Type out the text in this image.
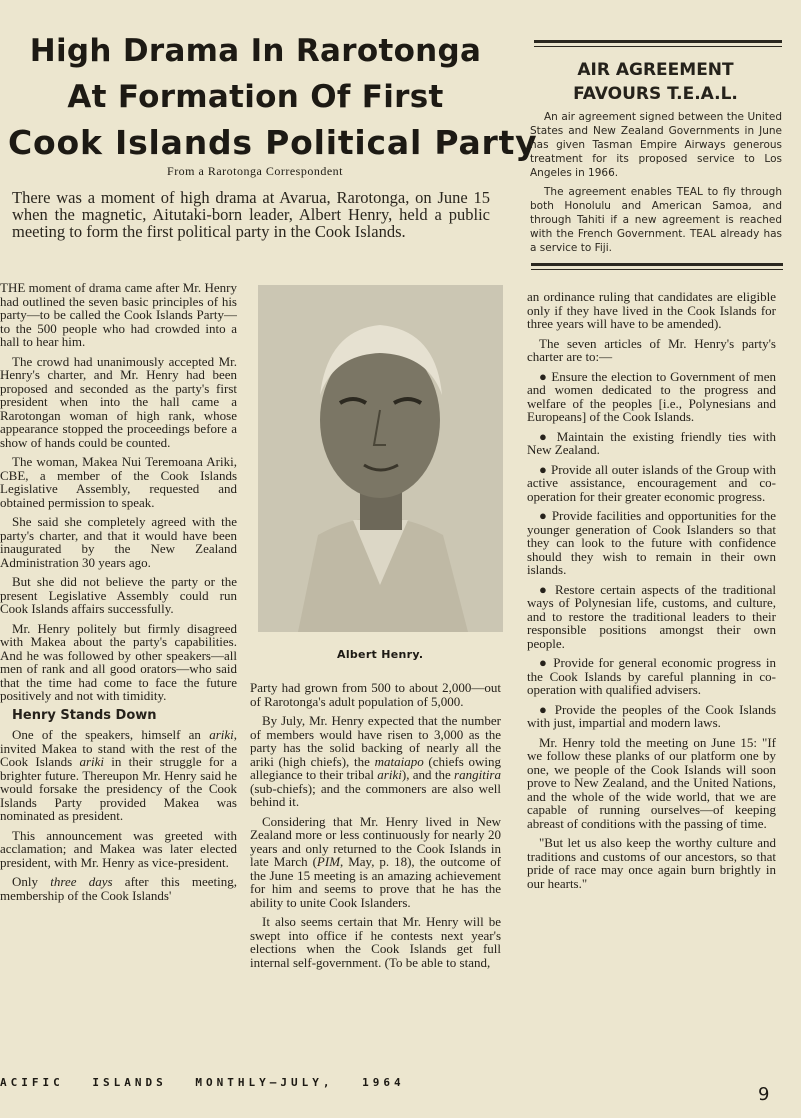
High Drama In Rarotonga
At Formation Of First
Cook Islands Political Party
From a Rarotonga Correspondent
There was a moment of high drama at Avarua, Rarotonga, on June 15 when the magnetic, Aitutaki-born leader, Albert Henry, held a public meeting to form the first political party in the Cook Islands.

THE moment of drama came after Mr. Henry had outlined the seven basic principles of his party—to be called the Cook Islands Party—to the 500 people who had crowded into a hall to hear him.

The crowd had unanimously accepted Mr. Henry's charter, and Mr. Henry had been proposed and seconded as the party's first president when into the hall came a Rarotongan woman of high rank, whose appearance stopped the proceedings before a show of hands could be counted.

The woman, Makea Nui Teremoana Ariki, CBE, a member of the Cook Islands Legislative Assembly, requested and obtained permission to speak.

She said she completely agreed with the party's charter, and that it would have been inaugurated by the New Zealand Administration 30 years ago.

But she did not believe the party or the present Legislative Assembly could run Cook Islands affairs successfully.

Mr. Henry politely but firmly disagreed with Makea about the party's capabilities. And he was followed by other speakers—all men of rank and all good orators—who said that the time had come to face the future positively and not with timidity.

Henry Stands Down

One of the speakers, himself an ariki, invited Makea to stand with the rest of the Cook Islands ariki in their struggle for a brighter future. Thereupon Mr. Henry said he would forsake the presidency of the Cook Islands Party provided Makea was nominated as president.

This announcement was greeted with acclamation; and Makea was later elected president, with Mr. Henry as vice-president.

Only three days after this meeting, membership of the Cook Islands'

Albert Henry.

Party had grown from 500 to about 2,000—out of Rarotonga's adult population of 5,000.

By July, Mr. Henry expected that the number of members would have risen to 3,000 as the party has the solid backing of nearly all the ariki (high chiefs), the mataiapo (chiefs owing allegiance to their tribal ariki), and the rangitira (sub-chiefs); and the commoners are also well behind it.

Considering that Mr. Henry lived in New Zealand more or less continuously for nearly 20 years and only returned to the Cook Islands in late March (PIM, May, p. 18), the outcome of the June 15 meeting is an amazing achievement for him and seems to prove that he has the ability to unite Cook Islanders.

It also seems certain that Mr. Henry will be swept into office if he contests next year's elections when the Cook Islands get full internal self-government. (To be able to stand,

AIR AGREEMENT
FAVOURS T.E.A.L.

An air agreement signed between the United States and New Zealand Governments in June has given Tasman Empire Airways generous treatment for its proposed service to Los Angeles in 1966.

The agreement enables TEAL to fly through both Honolulu and American Samoa, and through Tahiti if a new agreement is reached with the French Government. TEAL already has a service to Fiji.

an ordinance ruling that candidates are eligible only if they have lived in the Cook Islands for three years will have to be amended).

The seven articles of Mr. Henry's party's charter are to:—

● Ensure the election to Government of men and women dedicated to the progress and welfare of the peoples [i.e., Polynesians and Europeans] of the Cook Islands.

● Maintain the existing friendly ties with New Zealand.

● Provide all outer islands of the Group with active assistance, encouragement and co-operation for their greater economic progress.

● Provide facilities and opportunities for the younger generation of Cook Islanders so that they can look to the future with confidence should they wish to remain in their own islands.

● Restore certain aspects of the traditional ways of Polynesian life, customs, and culture, and to restore the traditional leaders to their responsible positions amongst their own people.

● Provide for general economic progress in the Cook Islands by careful planning in co-operation with qualified advisers.

● Provide the peoples of the Cook Islands with just, impartial and modern laws.

Mr. Henry told the meeting on June 15: "If we follow these planks of our platform one by one, we people of the Cook Islands will soon prove to New Zealand, and the United Nations, and the whole of the wide world, that we are capable of running ourselves—of keeping abreast of conditions with the passing of time.

"But let us also keep the worthy culture and traditions and customs of our ancestors, so that pride of race may once again burn brightly in our hearts."

ACIFIC	ISLANDS	MONTHLY—JULY,	1964
9
